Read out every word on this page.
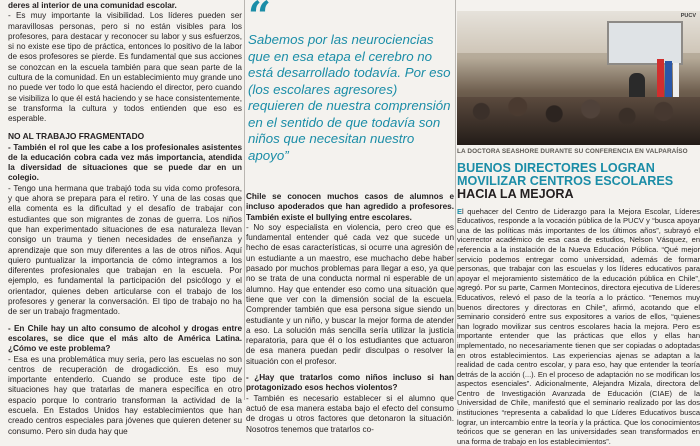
deres al interior de una comunidad escolar.

- Es muy importante la visibilidad. Los líderes pueden ser maravillosas personas, pero si no están visibles para los profesores, para destacar y reconocer su labor y sus esfuerzos, si no existe ese tipo de práctica, entonces lo positivo de la labor de esos profesores se pierde. Es fundamental que sus acciones se conozcan en la escuela también para que sean parte de la cultura de la comunidad. En un establecimiento muy grande uno no puede ver todo lo que está haciendo el director, pero cuando se visibiliza lo que él está haciendo y se hace consistentemente, se transforma la cultura y todos entienden que eso es esperable.

NO AL TRABAJO FRAGMENTADO

- También el rol que les cabe a los profesionales asistentes de la educación cobra cada vez más importancia, atendida la diversidad de situaciones que se puede dar en un colegio.

- Tengo una hermana que trabajó toda su vida como profesora, y que ahora se prepara para el retiro. Y una de las cosas que ella comenta es la dificultad y el desafío de trabajar con estudiantes que son migrantes de zonas de guerra. Los niños que han experimentado situaciones de esa naturaleza llevan consigo un trauma y tienen necesidades de enseñanza y aprendizaje que son muy diferentes a las de otros niños. Aquí quiero puntualizar la importancia de cómo integramos a los diferentes profesionales que trabajan en la escuela. Por ejemplo, es fundamental la participación del psicólogo y el orientador, quienes deben articularse con el trabajo de los profesores y generar la conversación. El tipo de trabajo no ha de ser un trabajo fragmentado.

- En Chile hay un alto consumo de alcohol y drogas entre escolares, se dice que el más alto de América Latina. ¿Cómo ve este problema?

- Esa es una problemática muy seria, pero las escuelas no son centros de recuperación de drogadicción. Es eso muy importante entenderlo. Cuando se produce este tipo de situaciones hay que tratarlas de manera específica en otro espacio porque lo contrario transforman la actividad de la escuela. En Estados Unidos hay establecimientos que han creado centros especiales para jóvenes que quieren detener su consumo. Pero sin duda hay que

“

Sabemos por las neurociencias que en esa etapa el cerebro no está desarrollado todavía. Por eso (los escolares agresores) requieren de nuestra comprensión en el sentido de que todavía son niños que necesitan nuestro apoyo”

Chile se conocen muchos casos de alumnos e incluso apoderados que han agredido a profesores. También existe el bullying entre escolares.

- No soy especialista en violencia, pero creo que es fundamental entender qué cada vez que sucede un hecho de esas características, si ocurre una agresión de un estudiante a un maestro, ese muchacho debe haber pasado por muchos problemas para llegar a eso, ya que no se trata de una conducta normal ni esperable de un alumno. Hay que entender eso como una situación que tiene que ver con la dimensión social de la escuela. Comprender también que esa persona sigue siendo un estudiante y un niño, y buscar la mejor forma de atender a eso. La solución más sencilla sería utilizar la justicia reparatoria, para que él o los estudiantes que actuaron de esa manera puedan pedir disculpas o resolver la situación con el profesor.

- ¿Hay que tratarlos como niños incluso si han protagonizado esos hechos violentos?

- También es necesario establecer si el alumno que actuó de esa manera estaba bajo el efecto del consumo de drogas u otros factores que detonaron la situación. Nosotros tenemos que tratarlos co-

PUCV

LA DOCTORA SEASHORE DURANTE SU CONFERENCIA EN VALPARAÍSO

BUENOS DIRECTORES LOGRAN MOVILIZAR CENTROS ESCOLARES HACIA LA MEJORA

El quehacer del Centro de Liderazgo para la Mejora Escolar, Líderes Educativos, responde a la vocación pública de la PUCV y “busca apoyar una de las políticas más importantes de los últimos años”, subrayó el vicerrector académico de esa casa de estudios, Nelson Vásquez, en referencia a la instalación de la Nueva Educación Pública. “Qué mejor servicio podemos entregar como universidad, además de formar personas, que trabajar con las escuelas y los líderes educativos para apoyar el mejoramiento sistemático de la educación pública en Chile”, agregó. Por su parte, Carmen Montecinos, directora ejecutiva de Líderes Educativos, relevó el paso de la teoría a lo práctico. “Tenemos muy buenos directores y directoras en Chile”, afirmó, acotando que el seminario consideró entre sus expositores a varios de ellos, “quienes han logrado movilizar sus centros escolares hacia la mejora. Pero es importante entender que las prácticas que ellos y ellas han implementado, no necesariamente tienen que ser copiadas o adoptadas en otros establecimientos. Las experiencias ajenas se adaptan a la realidad de cada centro escolar, y para eso, hay que entender la teoría detrás de la acción (...). En el proceso de adaptación no se modifican los aspectos esenciales”. Adicionalmente, Alejandra Mizala, directora del Centro de Investigación Avanzada de Educación (CIAE) de la Universidad de Chile, manifestó que el seminario realizado por las dos instituciones “representa a cabalidad lo que Líderes Educativos busca lograr, un intercambio entre la teoría y la práctica. Que los conocimientos teóricos que se generan en las universidades sean transformados en una forma de trabajo en los establecimientos”.
